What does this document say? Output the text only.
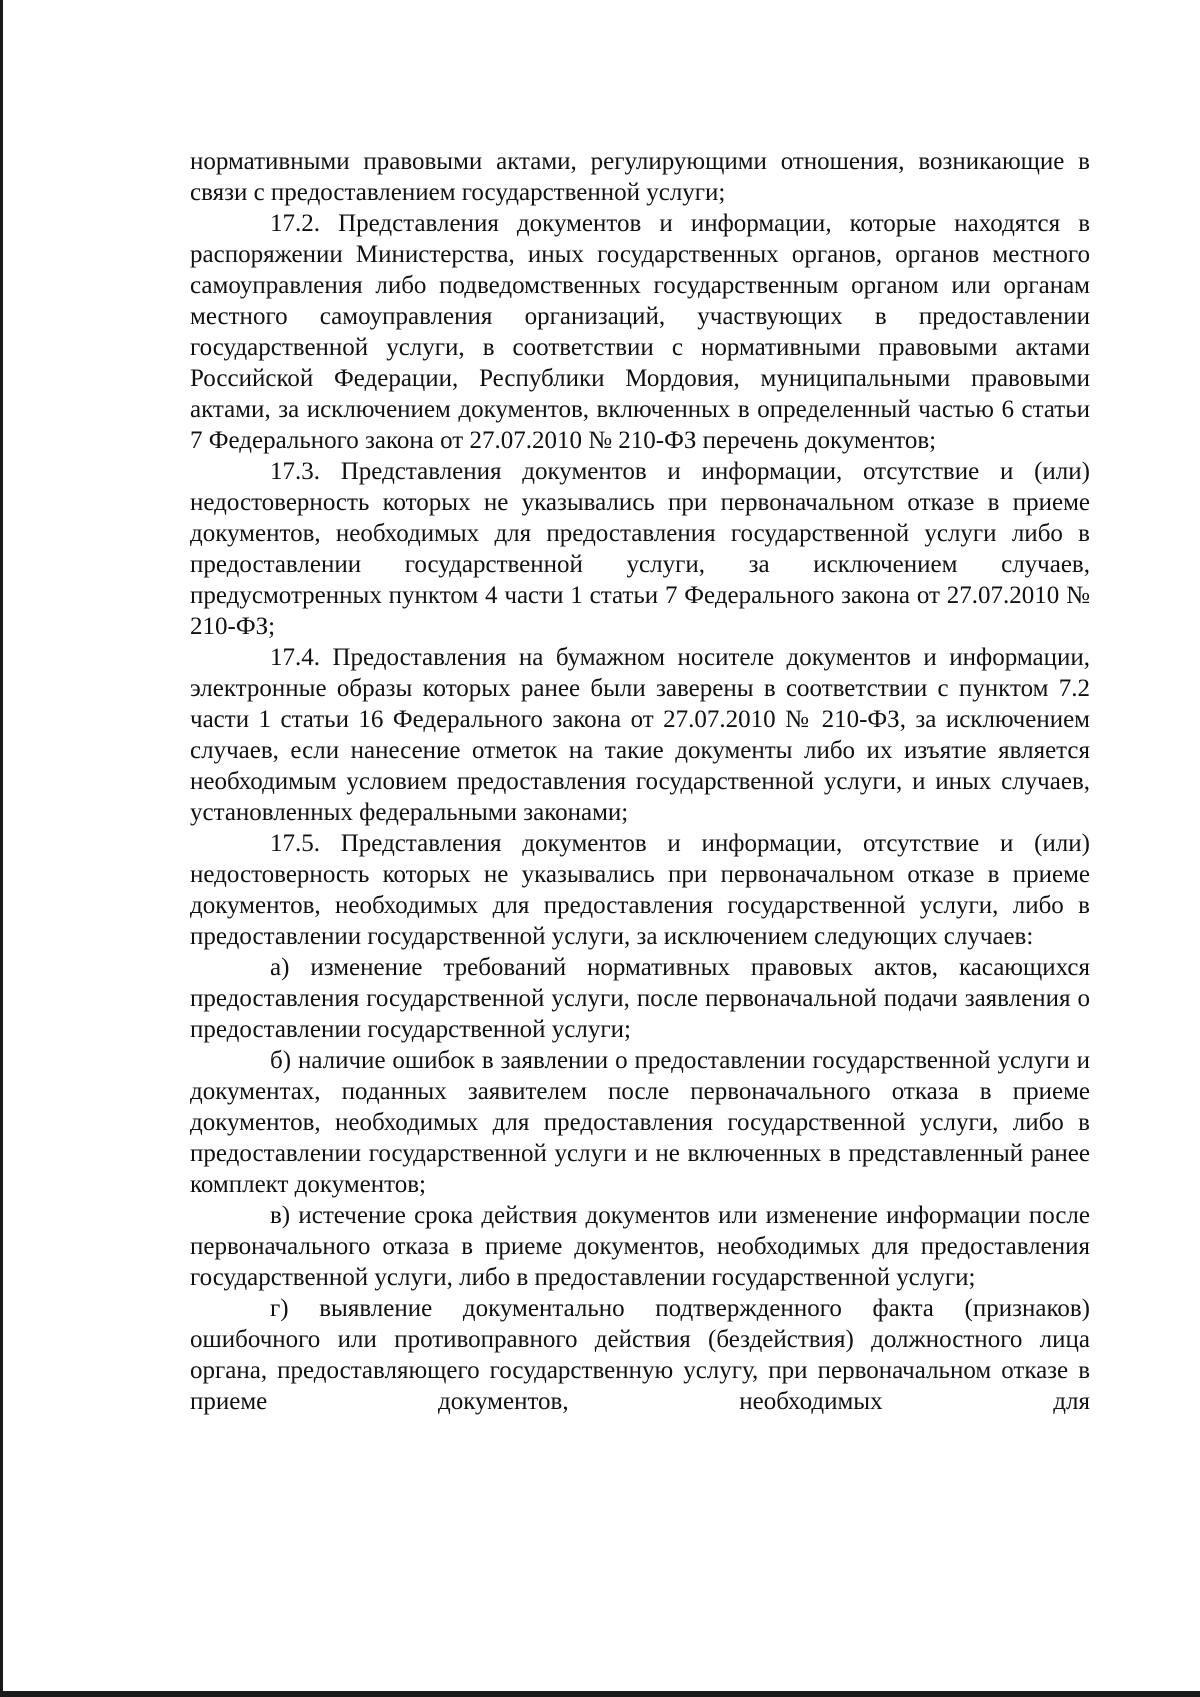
нормативными правовыми актами, регулирующими отношения, возникающие в связи с предоставлением государственной услуги;

17.2. Представления документов и информации, которые находятся в распоряжении Министерства, иных государственных органов, органов местного самоуправления либо подведомственных государственным органом или органам местного самоуправления организаций, участвующих в предоставлении государственной услуги, в соответствии с нормативными правовыми актами Российской Федерации, Республики Мордовия, муниципальными правовыми актами, за исключением документов, включенных в определенный частью 6 статьи 7 Федерального закона от 27.07.2010 № 210-ФЗ перечень документов;

17.3. Представления документов и информации, отсутствие и (или) недостоверность которых не указывались при первоначальном отказе в приеме документов, необходимых для предоставления государственной услуги либо в предоставлении государственной услуги, за исключением случаев, предусмотренных пунктом 4 части 1 статьи 7 Федерального закона от 27.07.2010 № 210-ФЗ;

17.4. Предоставления на бумажном носителе документов и информации, электронные образы которых ранее были заверены в соответствии с пунктом 7.2 части 1 статьи 16 Федерального закона от 27.07.2010 № 210-ФЗ, за исключением случаев, если нанесение отметок на такие документы либо их изъятие является необходимым условием предоставления государственной услуги, и иных случаев, установленных федеральными законами;

17.5. Представления документов и информации, отсутствие и (или) недостоверность которых не указывались при первоначальном отказе в приеме документов, необходимых для предоставления государственной услуги, либо в предоставлении государственной услуги, за исключением следующих случаев:

а) изменение требований нормативных правовых актов, касающихся предоставления государственной услуги, после первоначальной подачи заявления о предоставлении государственной услуги;

б) наличие ошибок в заявлении о предоставлении государственной услуги и документах, поданных заявителем после первоначального отказа в приеме документов, необходимых для предоставления государственной услуги, либо в предоставлении государственной услуги и не включенных в представленный ранее комплект документов;

в) истечение срока действия документов или изменение информации после первоначального отказа в приеме документов, необходимых для предоставления государственной услуги, либо в предоставлении государственной услуги;

г) выявление документально подтвержденного факта (признаков) ошибочного или противоправного действия (бездействия) должностного лица органа, предоставляющего государственную услугу, при первоначальном отказе в приеме документов, необходимых для
